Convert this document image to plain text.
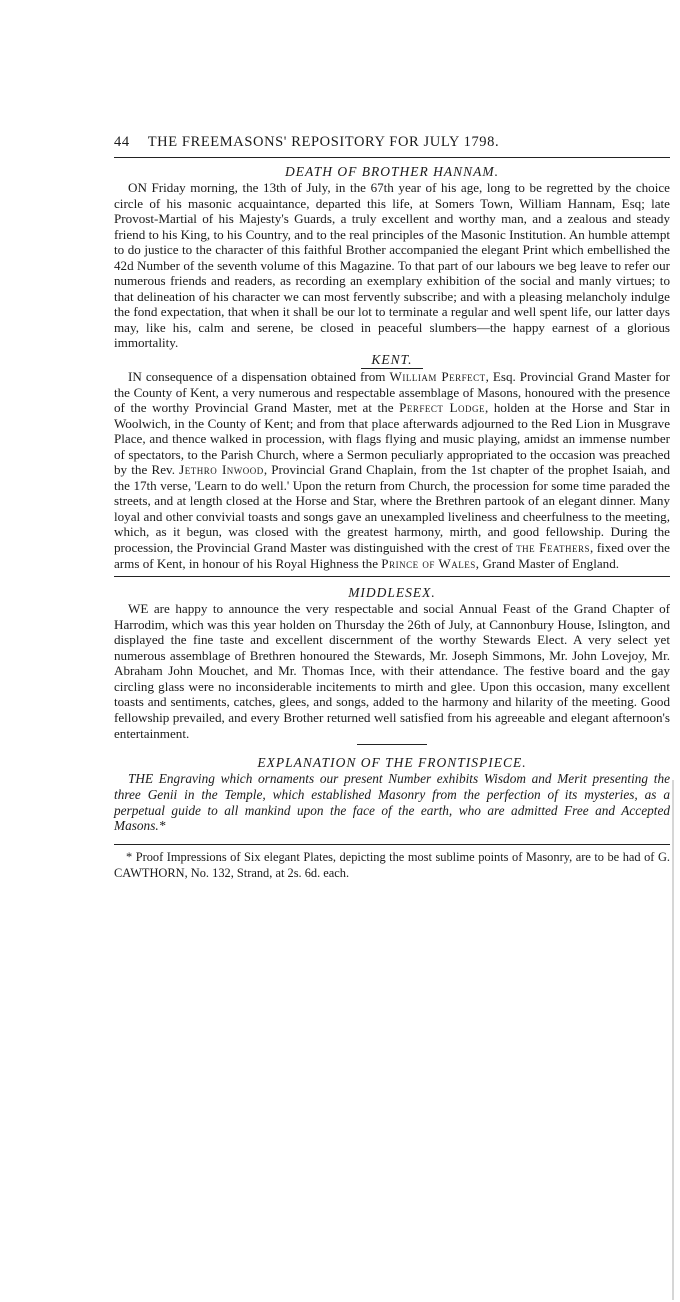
44 THE FREEMASONS' REPOSITORY FOR JULY 1798.
DEATH OF BROTHER HANNAM.

ON Friday morning, the 13th of July, in the 67th year of his age, long to be regretted by the choice circle of his masonic acquaintance, departed this life, at Somers Town, William Hannam, Esq; late Provost-Martial of his Majesty's Guards, a truly excellent and worthy man, and a zealous and steady friend to his King, to his Country, and to the real principles of the Masonic Institution. An humble attempt to do justice to the character of this faithful Brother accompanied the elegant Print which embellished the 42d Number of the seventh volume of this Magazine. To that part of our labours we beg leave to refer our numerous friends and readers, as recording an exemplary exhibition of the social and manly virtues; to that delineation of his character we can most fervently subscribe; and with a pleasing melancholy indulge the fond expectation, that when it shall be our lot to terminate a regular and well spent life, our latter days may, like his, calm and serene, be closed in peaceful slumbers—the happy earnest of a glorious immortality.

KENT.

IN consequence of a dispensation obtained from William Perfect, Esq. Provincial Grand Master for the County of Kent, a very numerous and respectable assemblage of Masons, honoured with the presence of the worthy Provincial Grand Master, met at the Perfect Lodge, holden at the Horse and Star in Woolwich, in the County of Kent; and from that place afterwards adjourned to the Red Lion in Musgrave Place, and thence walked in procession, with flags flying and music playing, amidst an immense number of spectators, to the Parish Church, where a Sermon peculiarly appropriated to the occasion was preached by the Rev. Jethro Inwood, Provincial Grand Chaplain, from the 1st chapter of the prophet Isaiah, and the 17th verse, 'Learn to do well.' Upon the return from Church, the procession for some time paraded the streets, and at length closed at the Horse and Star, where the Brethren partook of an elegant dinner. Many loyal and other convivial toasts and songs gave an unexampled liveliness and cheerfulness to the meeting, which, as it begun, was closed with the greatest harmony, mirth, and good fellowship. During the procession, the Provincial Grand Master was distinguished with the crest of the Feathers, fixed over the arms of Kent, in honour of his Royal Highness the Prince of Wales, Grand Master of England.

MIDDLESEX.

WE are happy to announce the very respectable and social Annual Feast of the Grand Chapter of Harrodim, which was this year holden on Thursday the 26th of July, at Cannonbury House, Islington, and displayed the fine taste and excellent discernment of the worthy Stewards Elect. A very select yet numerous assemblage of Brethren honoured the Stewards, Mr. Joseph Simmons, Mr. John Lovejoy, Mr. Abraham John Mouchet, and Mr. Thomas Ince, with their attendance. The festive board and the gay circling glass were no inconsiderable incitements to mirth and glee. Upon this occasion, many excellent toasts and sentiments, catches, glees, and songs, added to the harmony and hilarity of the meeting. Good fellowship prevailed, and every Brother returned well satisfied from his agreeable and elegant afternoon's entertainment.

EXPLANATION OF THE FRONTISPIECE.

THE Engraving which ornaments our present Number exhibits Wisdom and Merit presenting the three Genii in the Temple, which established Masonry from the perfection of its mysteries, as a perpetual guide to all mankind upon the face of the earth, who are admitted Free and Accepted Masons.*

* Proof Impressions of Six elegant Plates, depicting the most sublime points of Masonry, are to be had of G. CAWTHORN, No. 132, Strand, at 2s. 6d. each.
